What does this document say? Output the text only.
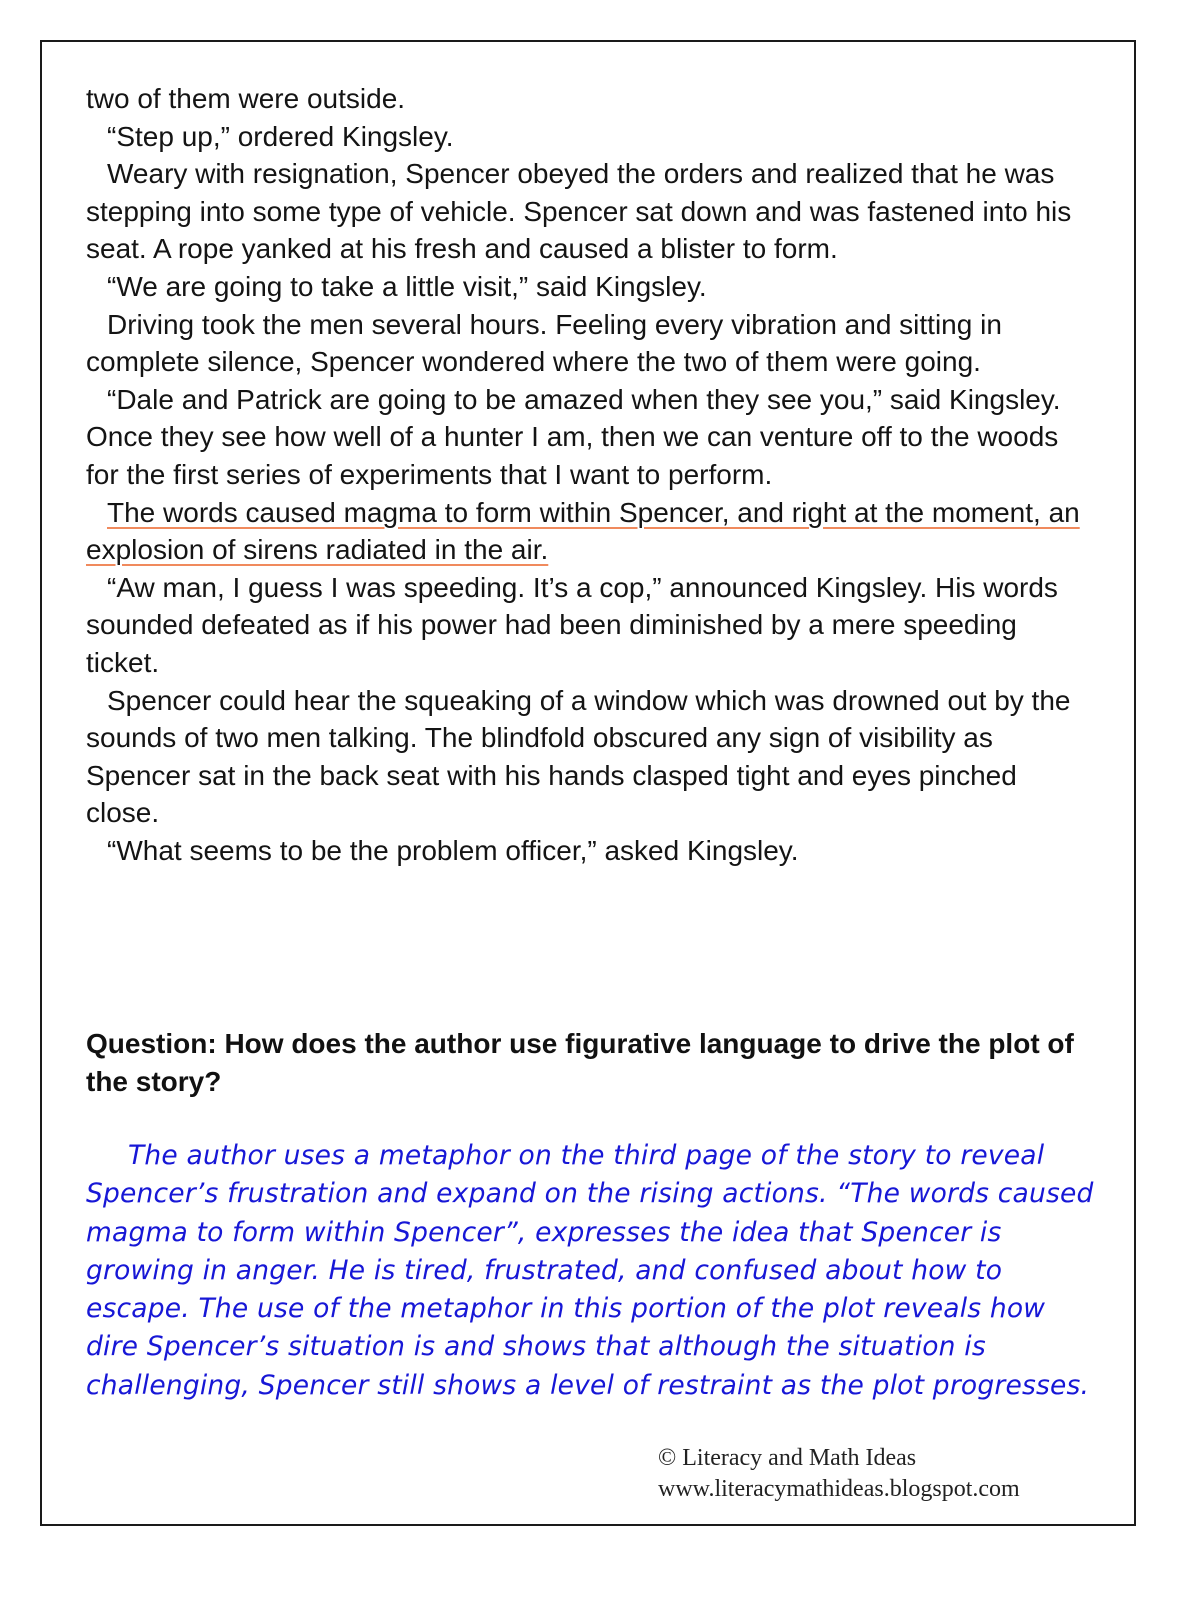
two of them were outside.

“Step up,” ordered Kingsley.

Weary with resignation, Spencer obeyed the orders and realized that he was stepping into some type of vehicle. Spencer sat down and was fastened into his seat. A rope yanked at his fresh and caused a blister to form.

“We are going to take a little visit,” said Kingsley.

Driving took the men several hours. Feeling every vibration and sitting in complete silence, Spencer wondered where the two of them were going.

“Dale and Patrick are going to be amazed when they see you,” said Kingsley. Once they see how well of a hunter I am, then we can venture off to the woods for the first series of experiments that I want to perform.

The words caused magma to form within Spencer, and right at the moment, an explosion of sirens radiated in the air.

“Aw man, I guess I was speeding. It’s a cop,” announced Kingsley. His words sounded defeated as if his power had been diminished by a mere speeding ticket.

Spencer could hear the squeaking of a window which was drowned out by the sounds of two men talking. The blindfold obscured any sign of visibility as Spencer sat in the back seat with his hands clasped tight and eyes pinched close.

“What seems to be the problem officer,” asked Kingsley.

Question: How does the author use figurative language to drive the plot of the story?
The author uses a metaphor on the third page of the story to reveal Spencer’s frustration and expand on the rising actions. “The words caused magma to form within Spencer”, expresses the idea that Spencer is growing in anger. He is tired, frustrated, and confused about how to escape. The use of the metaphor in this portion of the plot reveals how dire Spencer’s situation is and shows that although the situation is challenging, Spencer still shows a level of restraint as the plot progresses.
© Literacy and Math Ideas
www.literacymathideas.blogspot.com
